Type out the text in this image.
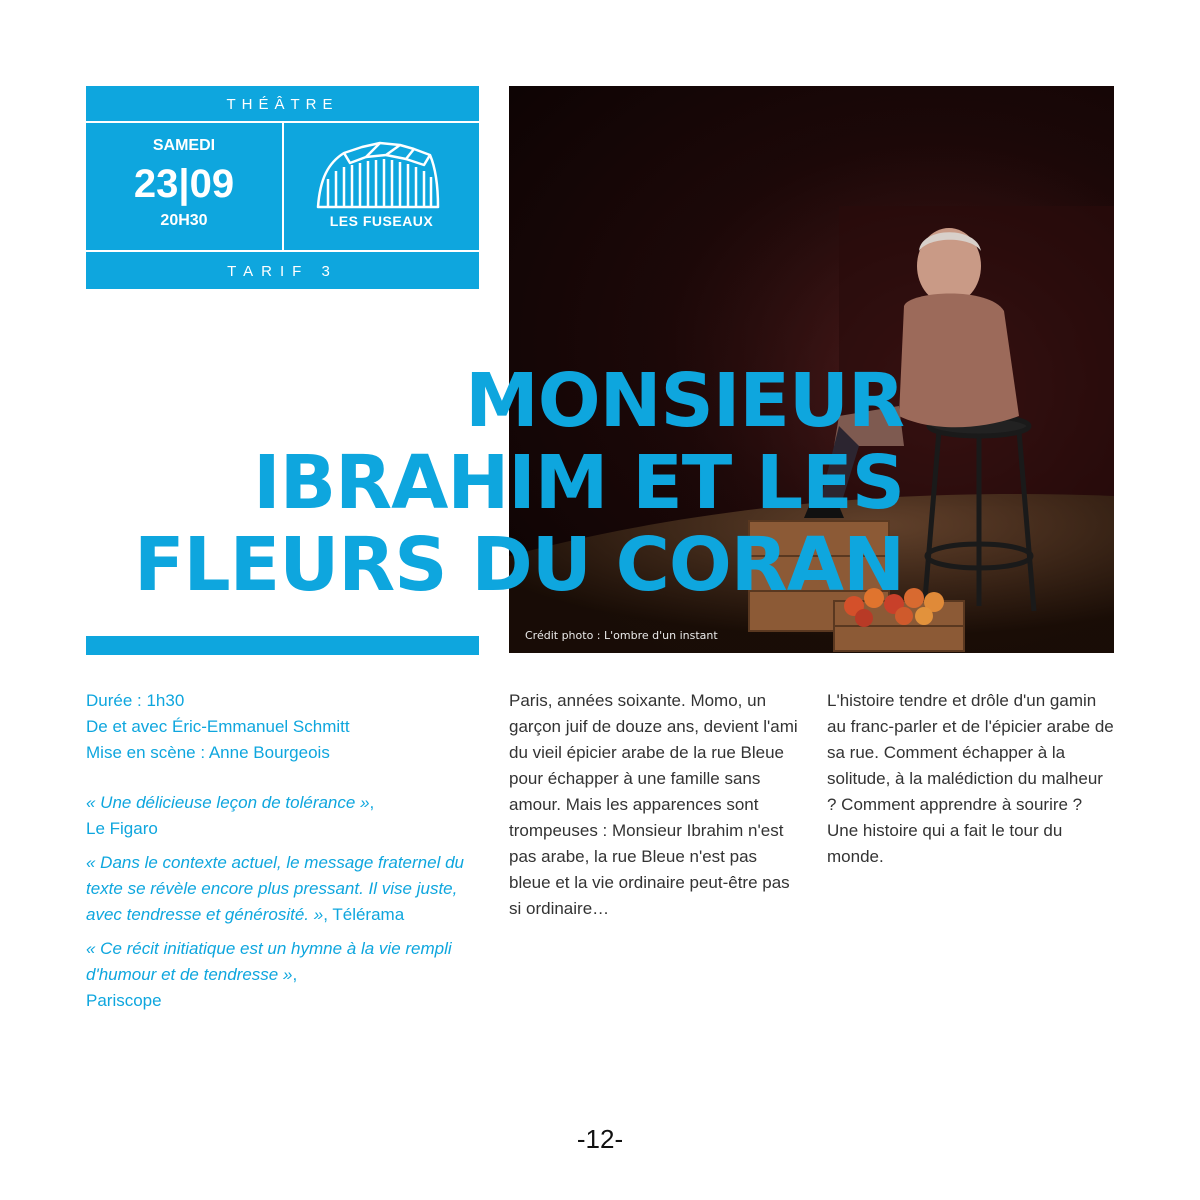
THÉÂTRE
SAMEDI
23|09
20H30	LES FUSEAUX
TARIF 3
Crédit photo : L'ombre d'un instant
MONSIEUR
IBRAHIM ET LES
FLEURS DU CORAN
Durée : 1h30
De et avec Éric-Emmanuel Schmitt
Mise en scène : Anne Bourgeois
« Une délicieuse leçon de tolérance »,
Le Figaro
« Dans le contexte actuel, le message fraternel du texte se révèle encore plus pressant. Il vise juste, avec tendresse et générosité. », Télérama
« Ce récit initiatique est un hymne à la vie rempli d'humour et de tendresse »,
Pariscope

Paris, années soixante. Momo, un garçon juif de douze ans, devient l'ami du vieil épicier arabe de la rue Bleue pour échapper à une famille sans amour. Mais les apparences sont trompeuses : Monsieur Ibrahim n'est pas arabe, la rue Bleue n'est pas bleue et la vie ordinaire peut-être pas si ordinaire…

L'histoire tendre et drôle d'un gamin au franc-parler et de l'épicier arabe de sa rue. Comment échapper à la solitude, à la malédiction du malheur ? Comment apprendre à sourire ?

Une histoire qui a fait le tour du monde.

-12-
